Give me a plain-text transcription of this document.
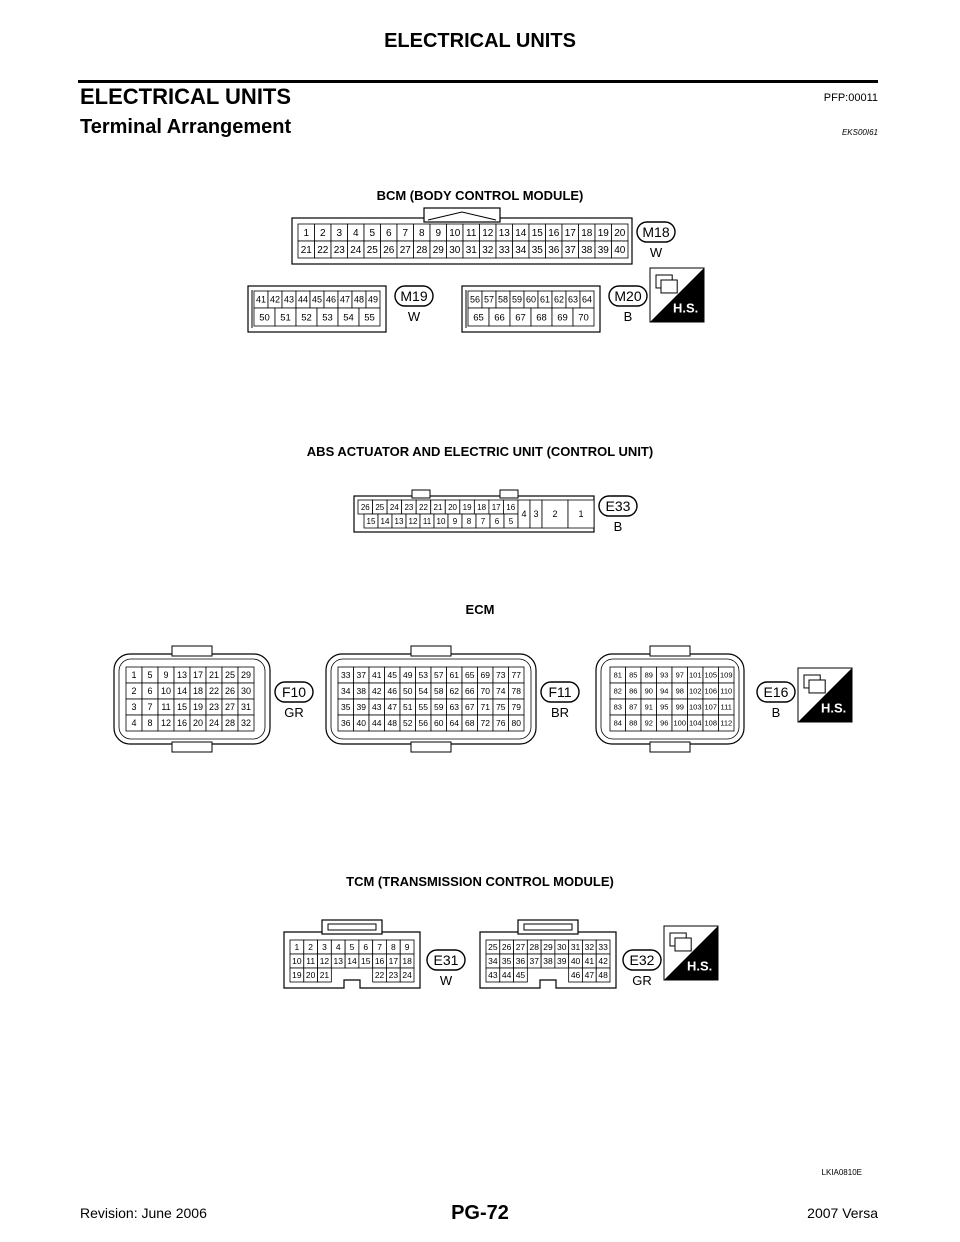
ELECTRICAL UNITS
ELECTRICAL UNITS	PFP:00011
Terminal Arrangement	EKS00I61
BCM (BODY CONTROL MODULE)
1 2 3 4 5 6 7 8 9 10 11 12 13 14 15 16 17 18 19 20
21 22 23 24 25 26 27 28 29 30 31 32 33 34 35 36 37 38 39 40
M18
W
41 42 43 44 45 46 47 48 49
50 51 52 53 54 55
M19
W
56 57 58 59 60 61 62 63 64
65 66 67 68 69 70
M20
B
H.S.
ABS ACTUATOR AND ELECTRIC UNIT (CONTROL UNIT)
26 25 24 23 22 21 20 19 18 17 16
15 14 13 12 11 10 9 8 7 6 5
4 3 2 1 E33
B
ECM
1 5 9 13 17 21 25 29
2 6 10 14 18 22 26 30
3 7 11 15 19 23 27 31
4 8 12 16 20 24 28 32
F10
GR
33 37 41 45 49 53 57 61 65 69 73 77
34 38 42 46 50 54 58 62 66 70 74 78
35 39 43 47 51 55 59 63 67 71 75 79
36 40 44 48 52 56 60 64 68 72 76 80
F11
BR
81 85 89 93 97 101 105 109
82 86 90 94 98 102 106 110
83 87 91 95 99 103 107 111
84 88 92 96 100 104 108 112
E16
B	H.S.
TCM (TRANSMISSION CONTROL MODULE)
1 2 3 4 5 6 7 8 9
10 11 12 13 14 15 16 17 18
19 20 21	22 23 24
E31
W
25 26 27 28 29 30 31 32 33
34 35 36 37 38 39 40 41 42
43 44 45	46 47 48
E32
GR
H.S.
LKIA0810E
Revision: June 2006	PG-72	2007 Versa
